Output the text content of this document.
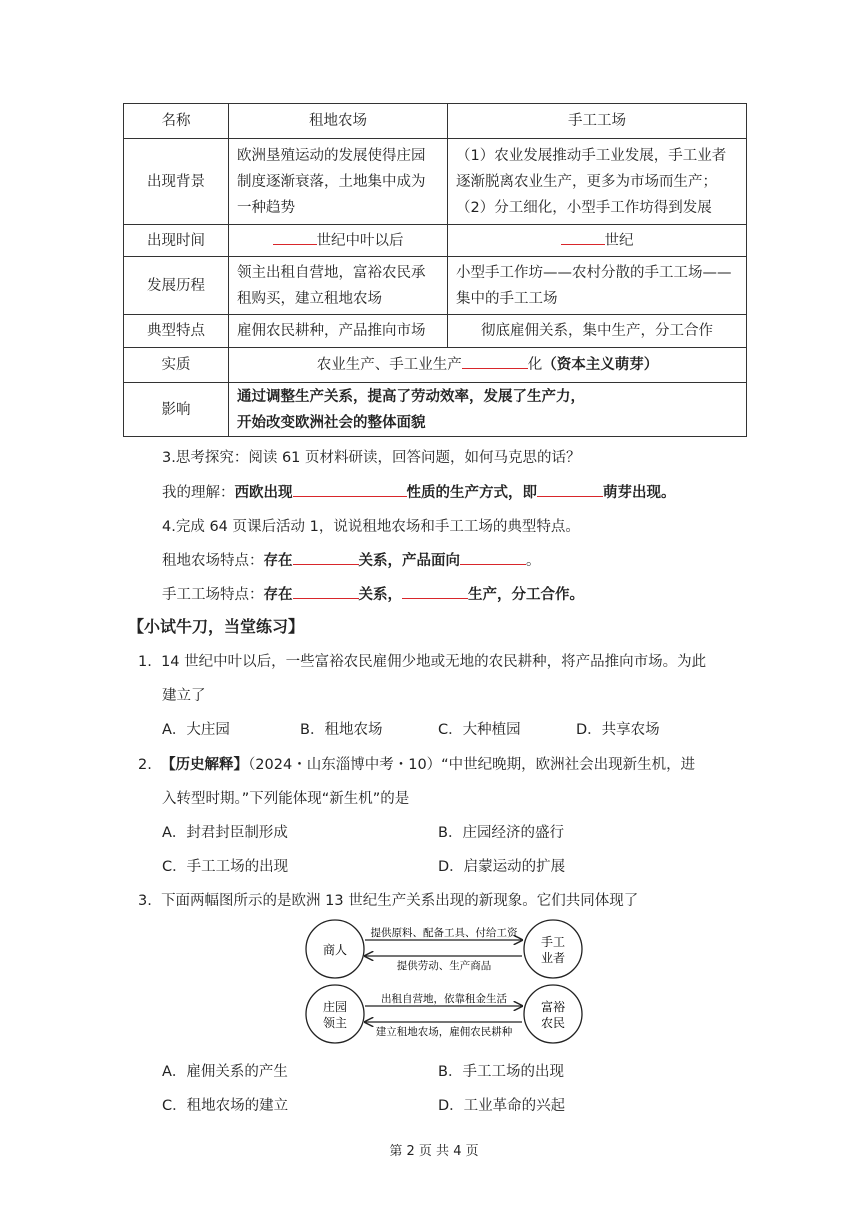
名称	租地农场	手工工场
出现背景	欧洲垦殖运动的发展使得庄园制度逐渐衰落，土地集中成为一种趋势	（1）农业发展推动手工业发展，手工业者逐渐脱离农业生产，更多为市场而生产；
（2）分工细化，小型手工作坊得到发展

出现时间	世纪中叶以后	世纪
发展历程	领主出租自营地，富裕农民承租购买，建立租地农场	小型手工作坊——农村分散的手工工场——集中的手工工场
典型特点	雇佣农民耕种，产品推向市场	彻底雇佣关系，集中生产，分工合作
实质	农业生产、手工业生产 化（资本主义萌芽）	
影响	通过调整生产关系，提高了劳动效率，发展了生产力，
开始改变欧洲社会的整体面貌	
3.思考探究：阅读 61 页材料研读，回答问题，如何马克思的话？
我的理解：西欧出现	性质的生产方式，即	萌芽出现。
4.完成 64 页课后活动 1，说说租地农场和手工工场的典型特点。
租地农场特点：存在	关系，产品面向	。
手工工场特点：存在	关系，	生产，分工合作。
【小试牛刀，当堂练习】
1. 14 世纪中叶以后，一些富裕农民雇佣少地或无地的农民耕种，将产品推向市场。为此
建立了
A．大庄园	B．租地农场	C．大种植园	D．共享农场
2. 【历史解释】（2024・山东淄博中考・10）“中世纪晚期，欧洲社会出现新生机，进
入转型时期。”下列能体现“新生机”的是
A．封君封臣制形成	B．庄园经济的盛行
C．手工工场的出现	D．启蒙运动的扩展
3. 下面两幅图所示的是欧洲 13 世纪生产关系出现的新现象。它们共同体现了
商人
手工
业者
提供原料、配备工具、付给工资
提供劳动、生产商品
庄园
领主
富裕
农民
出租自营地，依靠租金生活
建立租地农场，雇佣农民耕种
A．雇佣关系的产生	B．手工工场的出现
C．租地农场的建立	D．工业革命的兴起
第 2 页 共 4 页
